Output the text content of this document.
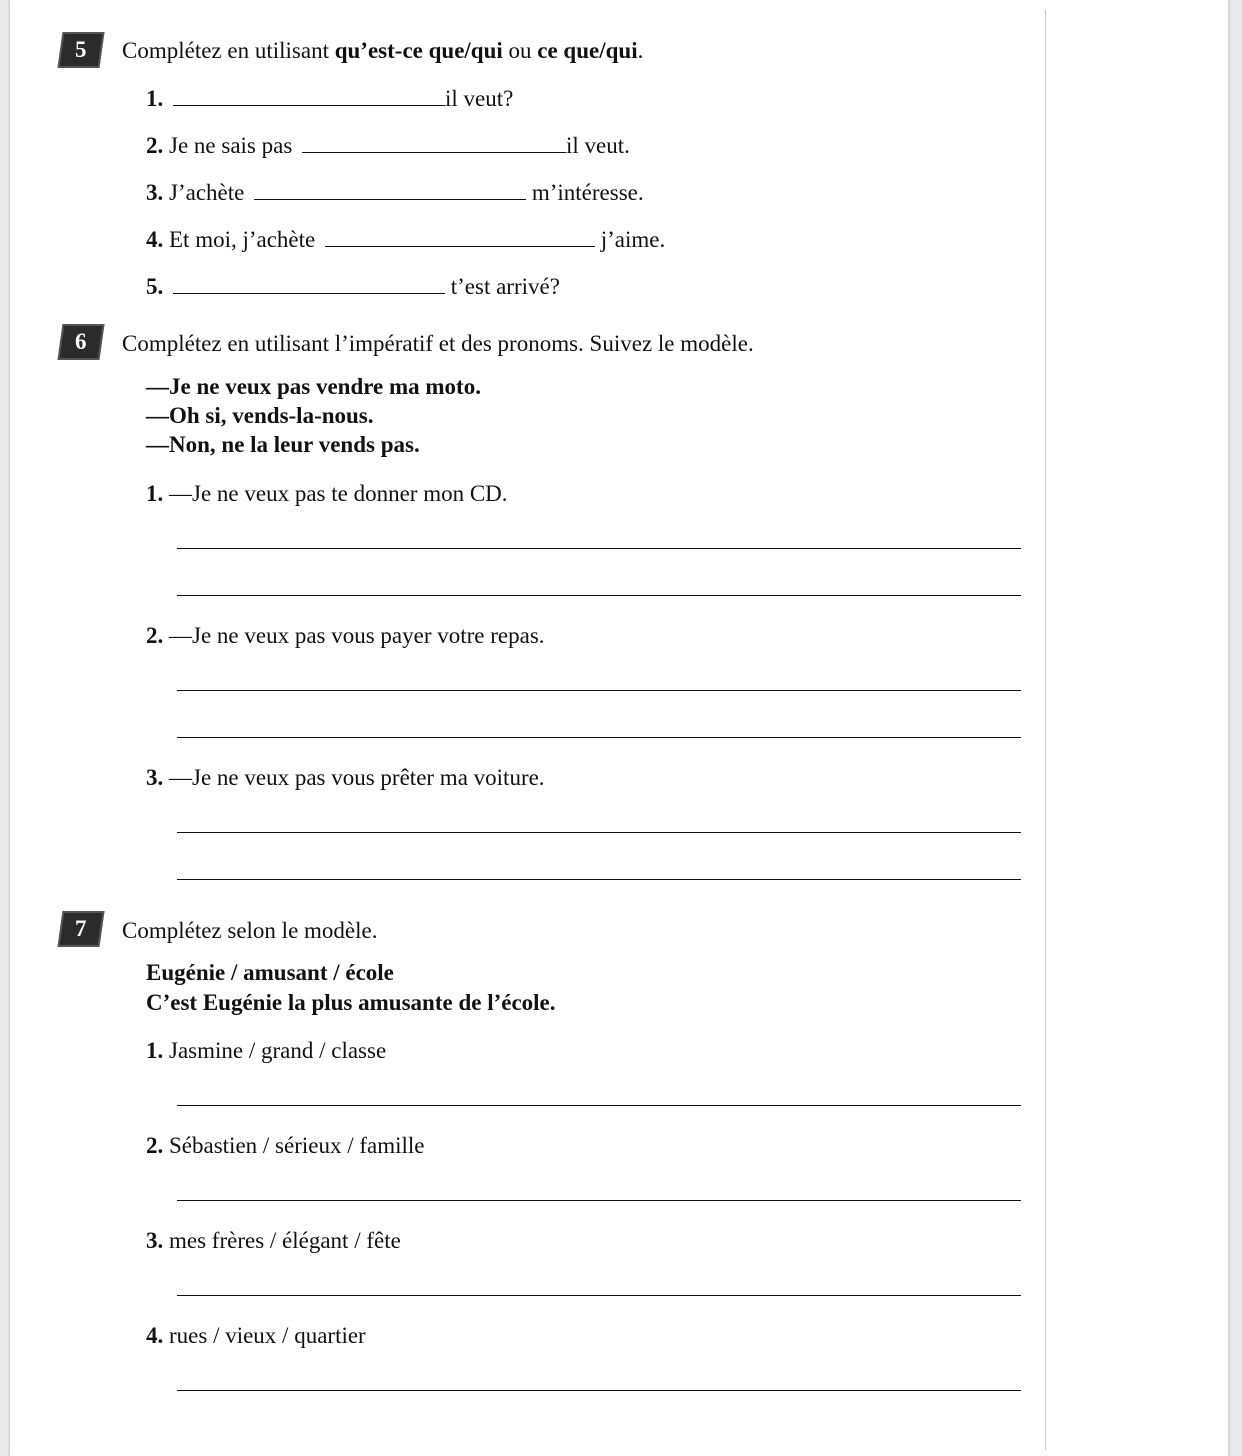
5	Complétez en utilisant qu’est-ce que/qui ou ce que/qui.
1.	il veut?
2. Je ne sais pas	il veut.
3. J’achète	m’intéresse.
4. Et moi, j’achète	j’aime.
5.	t’est arrivé?
6	Complétez en utilisant l’impératif et des pronoms. Suivez le modèle.
—Je ne veux pas vendre ma moto.
—Oh si, vends-la-nous.
—Non, ne la leur vends pas.
1. —Je ne veux pas te donner mon CD.
2. —Je ne veux pas vous payer votre repas.
3. —Je ne veux pas vous prêter ma voiture.
7	Complétez selon le modèle.
Eugénie / amusant / école
C’est Eugénie la plus amusante de l’école.
1. Jasmine / grand / classe
2. Sébastien / sérieux / famille
3. mes frères / élégant / fête
4. rues / vieux / quartier
